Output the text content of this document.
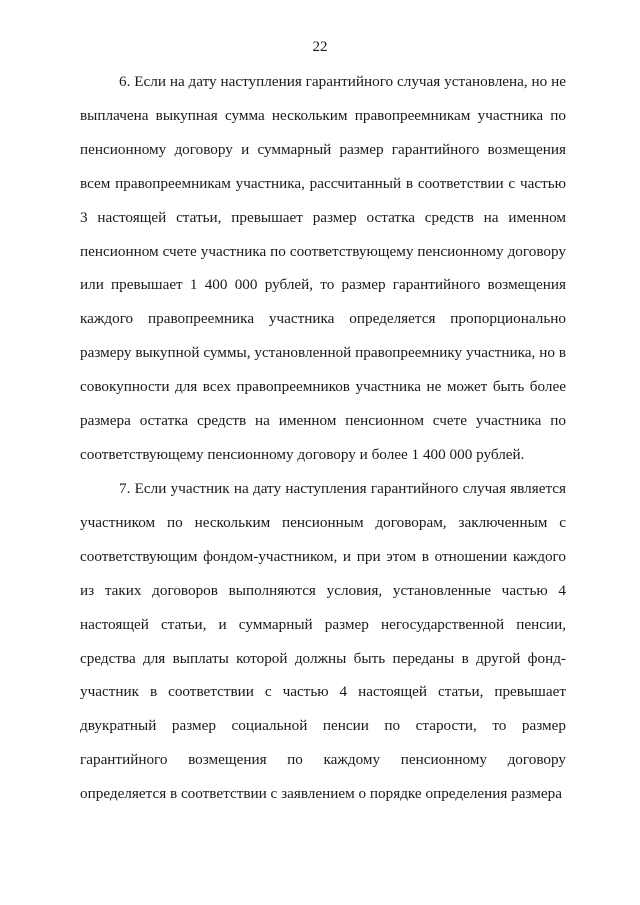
22

6. Если на дату наступления гарантийного случая установлена, но не выплачена выкупная сумма нескольким правопреемникам участника по пенсионному договору и суммарный размер гарантийного возмещения всем правопреемникам участника, рассчитанный в соответствии с частью 3 настоящей статьи, превышает размер остатка средств на именном пенсионном счете участника по соответствующему пенсионному договору или превышает 1 400 000 рублей, то размер гарантийного возмещения каждого правопреемника участника определяется пропорционально размеру выкупной суммы, установленной правопреемнику участника, но в совокупности для всех правопреемников участника не может быть более размера остатка средств на именном пенсионном счете участника по соответствующему пенсионному договору и более 1 400 000 рублей.

7. Если участник на дату наступления гарантийного случая является участником по нескольким пенсионным договорам, заключенным с соответствующим фондом-участником, и при этом в отношении каждого из таких договоров выполняются условия, установленные частью 4 настоящей статьи, и суммарный размер негосударственной пенсии, средства для выплаты которой должны быть переданы в другой фонд-участник в соответствии с частью 4 настоящей статьи, превышает двукратный размер социальной пенсии по старости, то размер гарантийного возмещения по каждому пенсионному договору определяется в соответствии с заявлением о порядке определения размера
